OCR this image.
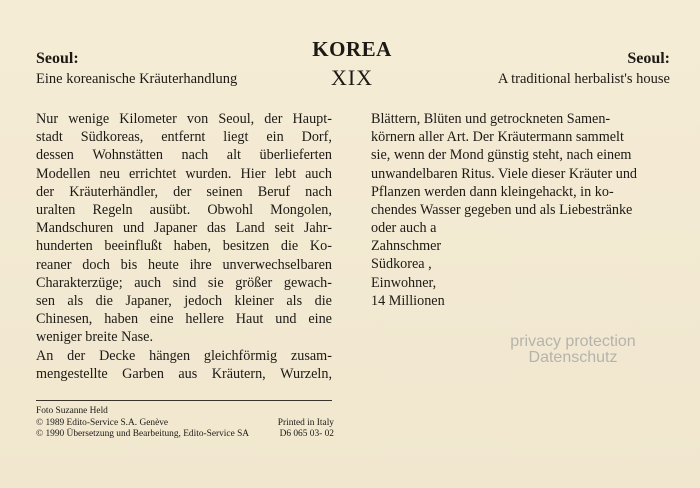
Seoul:
Eine koreanische Kräuterhandlung
KOREA
XIX
Seoul:
A traditional herbalist's house
Nur wenige Kilometer von Seoul, der Haupt-
stadt Südkoreas, entfernt liegt ein Dorf,
dessen Wohnstätten nach alt überlieferten
Modellen neu errichtet wurden. Hier lebt auch
der Kräuterhändler, der seinen Beruf nach
uralten Regeln ausübt. Obwohl Mongolen,
Mandschuren und Japaner das Land seit Jahr-
hunderten beeinflußt haben, besitzen die Ko-
reaner doch bis heute ihre unverwechselbaren
Charakterzüge; auch sind sie größer gewach-
sen als die Japaner, jedoch kleiner als die
Chinesen, haben eine hellere Haut und eine
weniger breite Nase.
An der Decke hängen gleichförmig zusam-
mengestellte Garben aus Kräutern, Wurzeln,
Blättern, Blüten und getrockneten Samen-
körnern aller Art. Der Kräutermann sammelt
sie, wenn der Mond günstig steht, nach einem
unwandelbaren Ritus. Viele dieser Kräuter und
Pflanzen werden dann kleingehackt, in ko-
chendes Wasser gegeben und als Liebestränke
oder auch a
Zahnschmer
Südkorea ,
Einwohner,
14 Millionen
privacy protection
Datenschutz
Foto Suzanne Held
© 1989 Edito-Service S.A. Genève	Printed in Italy
© 1990 Übersetzung und Bearbeitung, Edito-Service SA	D6 065 03- 02
